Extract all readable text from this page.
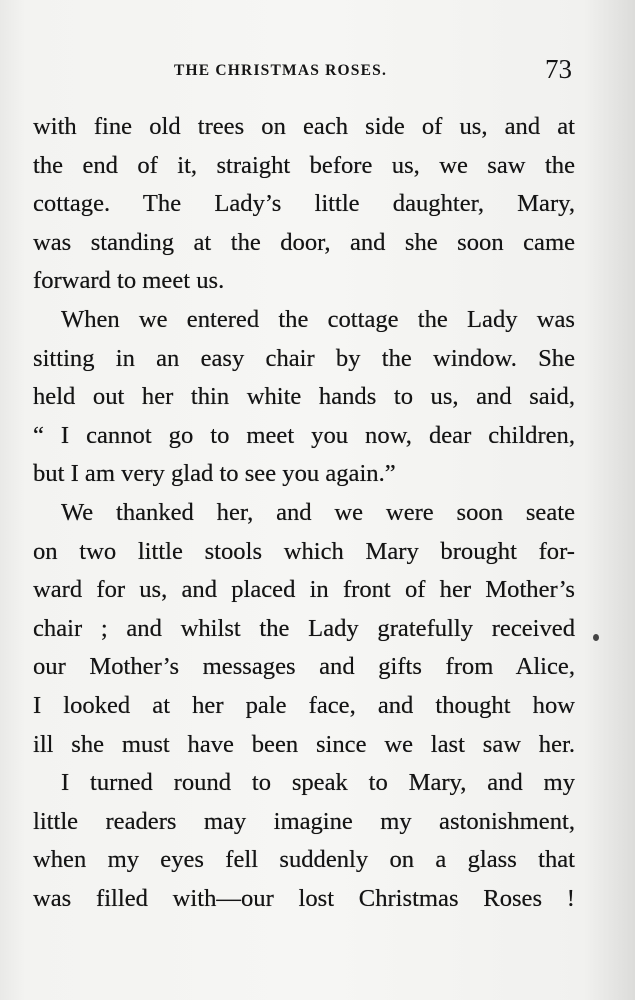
THE CHRISTMAS ROSES.	73
with fine old trees on each side of us, and at
the end of it, straight before us, we saw the
cottage. The Lady’s little daughter, Mary,
was standing at the door, and she soon came
forward to meet us.
When we entered the cottage the Lady was
sitting in an easy chair by the window. She
held out her thin white hands to us, and said,
“ I cannot go to meet you now, dear children,
but I am very glad to see you again.”
We thanked her, and we were soon seate
on two little stools which Mary brought for-
ward for us, and placed in front of her Mother’s
chair ; and whilst the Lady gratefully received
our Mother’s messages and gifts from Alice,
I looked at her pale face, and thought how
ill she must have been since we last saw her.
I turned round to speak to Mary, and my
little readers may imagine my astonishment,
when my eyes fell suddenly on a glass that
was filled with—our lost Christmas Roses !
